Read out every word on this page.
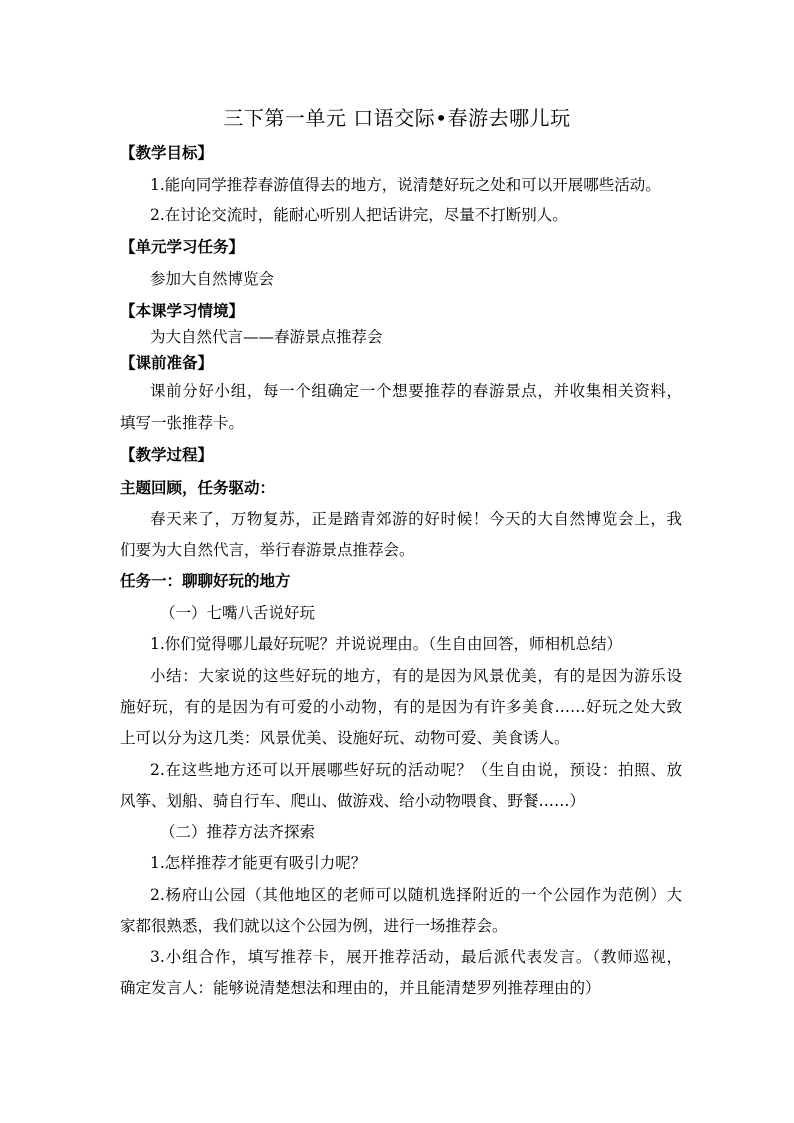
三下第一单元 口语交际•春游去哪儿玩
【教学目标】
1.能向同学推荐春游值得去的地方，说清楚好玩之处和可以开展哪些活动。
2.在讨论交流时，能耐心听别人把话讲完，尽量不打断别人。
【单元学习任务】
参加大自然博览会
【本课学习情境】
为大自然代言——春游景点推荐会
【课前准备】
课前分好小组，每一个组确定一个想要推荐的春游景点，并收集相关资料，
填写一张推荐卡。
【教学过程】
主题回顾，任务驱动：
春天来了，万物复苏，正是踏青郊游的好时候！今天的大自然博览会上，我
们要为大自然代言，举行春游景点推荐会。
任务一：聊聊好玩的地方
（一）七嘴八舌说好玩
1.你们觉得哪儿最好玩呢？并说说理由。（生自由回答，师相机总结）
小结：大家说的这些好玩的地方，有的是因为风景优美，有的是因为游乐设
施好玩，有的是因为有可爱的小动物，有的是因为有许多美食……好玩之处大致
上可以分为这几类：风景优美、设施好玩、动物可爱、美食诱人。
2.在这些地方还可以开展哪些好玩的活动呢？（生自由说，预设：拍照、放
风筝、划船、骑自行车、爬山、做游戏、给小动物喂食、野餐……）
（二）推荐方法齐探索
1.怎样推荐才能更有吸引力呢？
2.杨府山公园（其他地区的老师可以随机选择附近的一个公园作为范例）大
家都很熟悉，我们就以这个公园为例，进行一场推荐会。
3.小组合作，填写推荐卡，展开推荐活动，最后派代表发言。（教师巡视，
确定发言人：能够说清楚想法和理由的，并且能清楚罗列推荐理由的）
